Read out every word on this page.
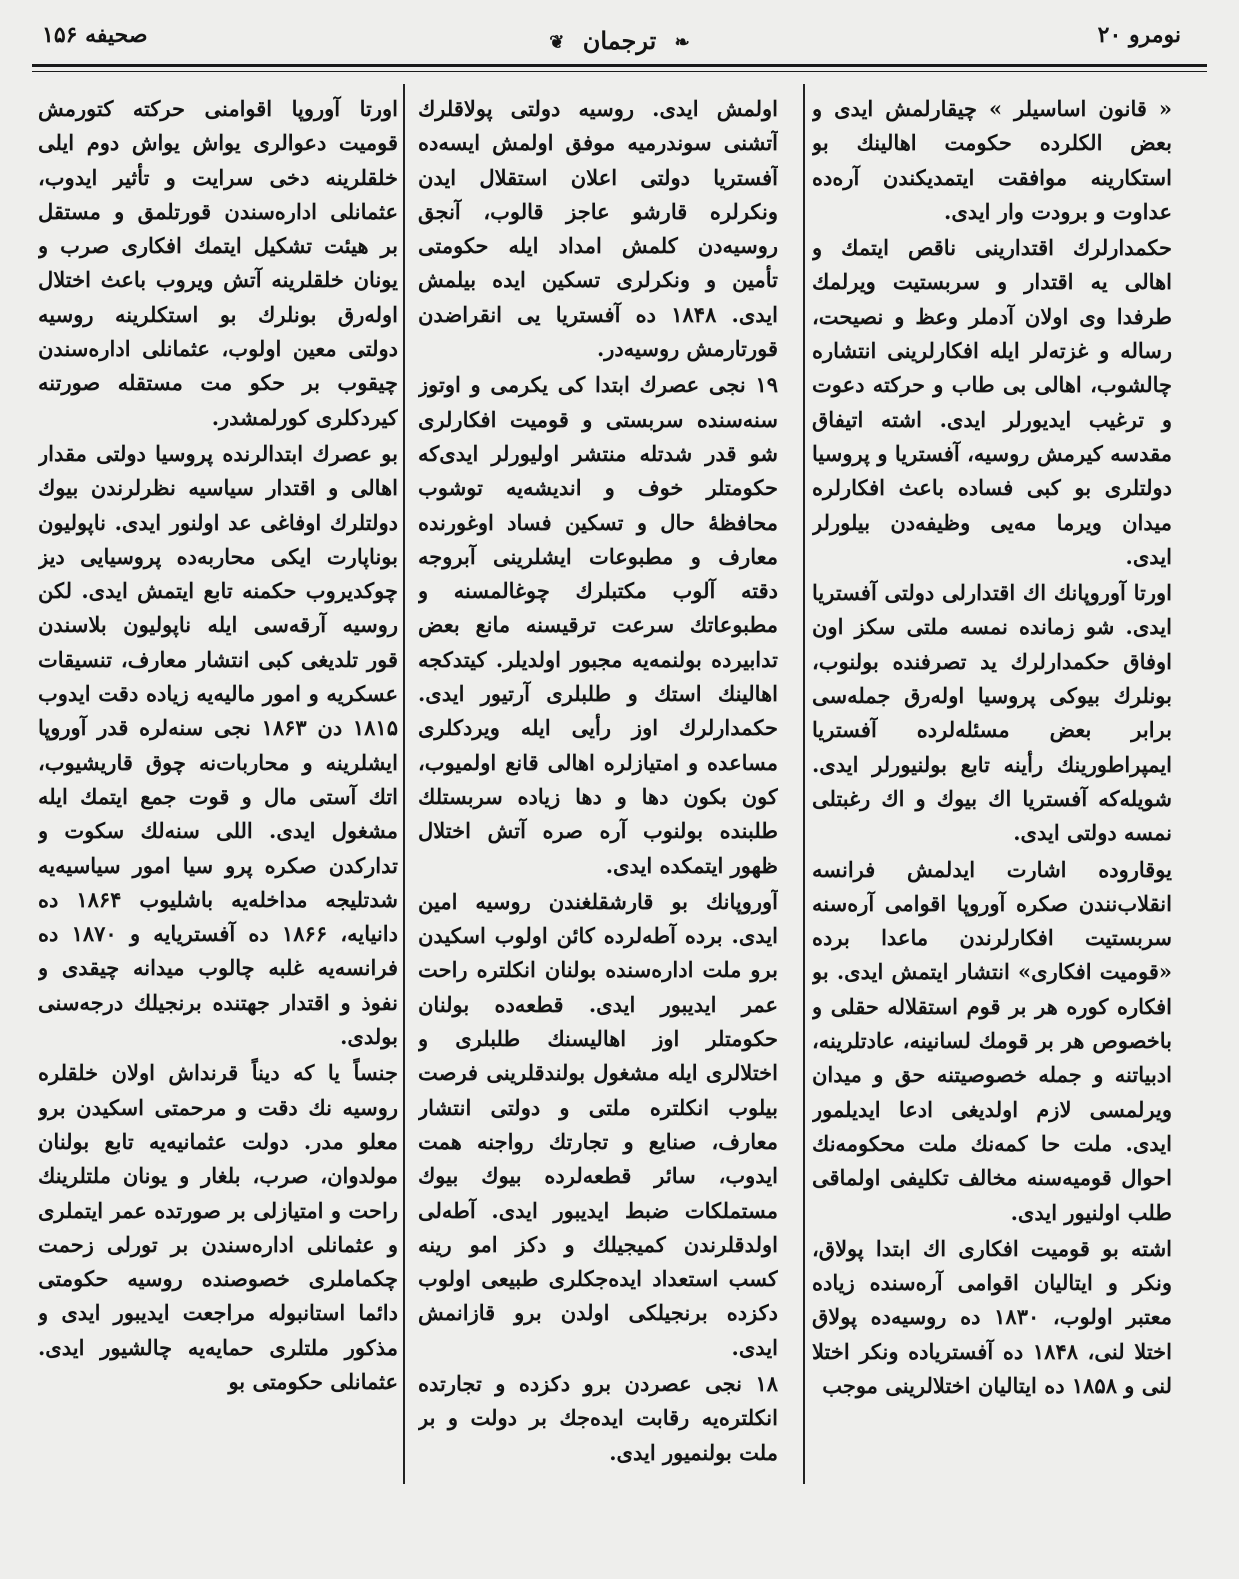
نومرو ۲۰
❦ ترجمان ❧
صحیفه ۱۵۶

« قانون اساسیلر » چیقارلمش ایدی و بعض الکلرده حکومت اهالینك بو استکارینه موافقت ایتمدیکندن آره‌ده عداوت و برودت وار ایدی.

حکمدارلرك اقتدارینی ناقص ایتمك و اهالی یه اقتدار و سربستیت ویرلمك طرفدا وی اولان آدملر وعظ و نصیحت، رساله و غزته‌لر ایله افکارلرینی انتشاره چالشوب، اهالی بی طاب و حرکته دعوت و ترغیب ایدیورلر ایدی. اشته اتیفاق مقدسه کیرمش روسیه، آفستریا و پروسیا دولتلری بو کبی فساده باعث افکارلره میدان ویرما مه‌یی وظیفه‌دن بیلورلر ایدی.

اورتا آوروپانك اك اقتدارلی دولتی آفستریا ایدی. شو زمانده نمسه ملتی سکز اون اوفاق حکمدارلرك ید تصرفنده بولنوب، بونلرك بیوکی پروسیا اوله‌رق جمله‌سی برابر بعض مسئله‌لرده آفستریا ایمپراطورینك رأینه تابع بولنیورلر ایدی. شویله‌که آفستریا اك بیوك و اك رغبتلی نمسه دولتی ایدی.

یوقاروده اشارت ایدلمش فرانسه انقلاب‌نندن صکره آوروپا اقوامی آره‌سنه سربستیت افکارلرندن ماعدا برده «قومیت افکاری» انتشار ایتمش ایدی. بو افکاره کوره هر بر قوم استقلاله حقلی و باخصوص هر بر قومك لسانینه، عادتلرینه، ادبیاتنه و جمله خصوصیتنه حق و میدان ویرلمسی لازم اولدیغی ادعا ایدیلمور ایدی. ملت حا کمه‌نك ملت محکومه‌نك احوال قومیه‌سنه مخالف تکلیفی اولماقی طلب اولنیور ایدی.

اشته بو قومیت افکاری اك ابتدا پولاق، ونکر و ایتالیان اقوامی آره‌سنده زیاده معتبر اولوب، ۱۸۳۰ ده روسیه‌ده پولاق اختلا لنی، ۱۸۴۸ ده آفستریاده ونکر اختلا لنی و ۱۸۵۸ ده ایتالیان اختلالرینی موجب

اولمش ایدی. روسیه دولتی پولاقلرك آتشنی سوندرمیه موفق اولمش ایسه‌ده آفستریا دولتی اعلان استقلال ایدن ونکرلره قارشو عاجز قالوب، آنجق روسیه‌دن کلمش امداد ایله حکومتی تأمین و ونکرلری تسکین ایده بیلمش ایدی. ۱۸۴۸ ده آفستریا یی انقراضدن قورتارمش روسیه‌در.

۱۹ نجی عصرك ابتدا کی یکرمی و اوتوز سنه‌سنده سربستی و قومیت افکارلری شو قدر شدتله منتشر اولیورلر ایدی‌که حکومتلر خوف و اندیشه‌یه توشوب محافظهٔ حال و تسکین فساد اوغورنده معارف و مطبوعات ایشلرینی آبروجه دقته آلوب مکتبلرك چوغالمسنه و مطبوعاتك سرعت ترقیسنه مانع بعض تدابیرده بولنمه‌یه مجبور اولدیلر. کیتدکجه اهالینك استك و طلبلری آرتیور ایدی. حکمدارلرك اوز رأیی ایله ویردکلری مساعده و امتیازلره اهالی قانع اولمیوب، کون بکون دها و دها زیاده سربستلك طلبنده بولنوب آره صره آتش اختلال ظهور ایتمکده ایدی.

آوروپانك بو قارشقلغندن روسیه امین ایدی. برده آطه‌لرده کائن اولوب اسکیدن برو ملت اداره‌سنده بولنان انکلتره راحت عمر ایدیبور ایدی. قطعه‌ده بولنان حکومتلر اوز اهالیسنك طلبلری و اختلالری ایله مشغول بولندقلرینی فرصت بیلوب انکلتره ملتی و دولتی انتشار معارف، صنایع و تجارتك رواجنه همت ایدوب، سائر قطعه‌لرده بیوك بیوك مستملکات ضبط ایدیبور ایدی. آطه‌لی اولدقلرندن کمیجیلك و دکز امو رینه کسب استعداد ایده‌جکلری طبیعی اولوب دکزده برنجیلکی اولدن برو قازانمش ایدی.

۱۸ نجی عصردن برو دکزده و تجارتده انکلتره‌یه رقابت ایده‌جك بر دولت و بر ملت بولنمیور ایدی.

اورتا آوروپا اقوامنی حرکته کتورمش قومیت دعوالری یواش یواش دوم ایلی خلقلرینه دخی سرایت و تأثیر ایدوب، عثمانلی اداره‌سندن قورتلمق و مستقل بر هیئت تشکیل ایتمك افکاری صرب و یونان خلقلرینه آتش ویروب باعث اختلال اوله‌رق بونلرك بو استکلرینه روسیه دولتی معین اولوب، عثمانلی اداره‌سندن چیقوب بر حکو مت مستقله صورتنه کیردکلری کورلمشدر.

بو عصرك ابتدالرنده پروسیا دولتی مقدار اهالی و اقتدار سیاسیه نظرلرندن بیوك دولتلرك اوفاغی عد اولنور ایدی. ناپولیون بوناپارت ایکی محاربه‌ده پروسیایی دیز چوکدیروب حکمنه تابع ایتمش ایدی. لکن روسیه آرقه‌سی ایله ناپولیون بلاسندن قور تلدیغی کبی انتشار معارف، تنسیقات عسکریه و امور مالیه‌یه زیاده دقت ایدوب ۱۸۱۵ دن ۱۸۶۳ نجی سنه‌لره قدر آوروپا ایشلرینه و محاربات‌نه چوق قاریشیوب، اتك آستی مال و قوت جمع ایتمك ایله مشغول ایدی. اللی سنه‌لك سکوت و تدارکدن صکره پرو سیا امور سیاسیه‌یه شدتلیجه مداخله‌یه باشلیوب ۱۸۶۴ ده دانیایه، ۱۸۶۶ ده آفستریایه و ۱۸۷۰ ده فرانسه‌یه غلبه چالوب میدانه چیقدی و نفوذ و اقتدار جهتنده برنجیلك درجه‌سنی بولدی.

جنساً یا که دیناً قرنداش اولان خلقلره روسیه نك دقت و مرحمتی اسکیدن برو معلو مدر. دولت عثمانیه‌یه تابع بولنان مولدوان، صرب، بلغار و یونان ملتلرینك راحت و امتیازلی بر صورتده عمر ایتملری و عثمانلی اداره‌سندن بر تورلی زحمت چکماملری خصوصنده روسیه حکومتی دائما استانبوله مراجعت ایدیبور ایدی و مذکور ملتلری حمایه‌یه چالشیور ایدی. عثمانلی حکومتی بو
